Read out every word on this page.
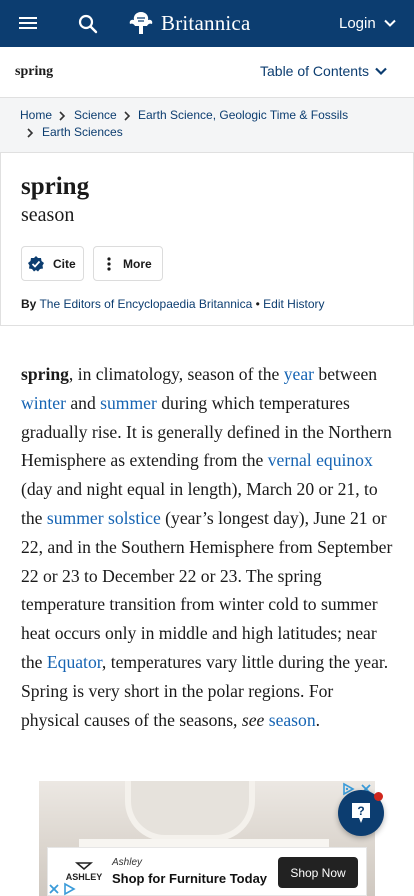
Britannica	Login
spring	Table of Contents
Home Science Earth Science, Geologic Time & Fossils
Earth Sciences
spring
season
Cite	More
By The Editors of Encyclopaedia Britannica • Edit History

spring, in climatology, season of the year between winter and summer during which temperatures gradually rise. It is generally defined in the Northern Hemisphere as extending from the vernal equinox (day and night equal in length), March 20 or 21, to the summer solstice (year’s longest day), June 21 or 22, and in the Southern Hemisphere from September 22 or 23 to December 22 or 23. The spring temperature transition from winter cold to summer heat occurs only in middle and high latitudes; near the Equator, temperatures vary little during the year. Spring is very short in the polar regions. For physical causes of the seasons, see season.

ASHLEY
Ashley
Shop for Furniture Today	Shop Now
?
